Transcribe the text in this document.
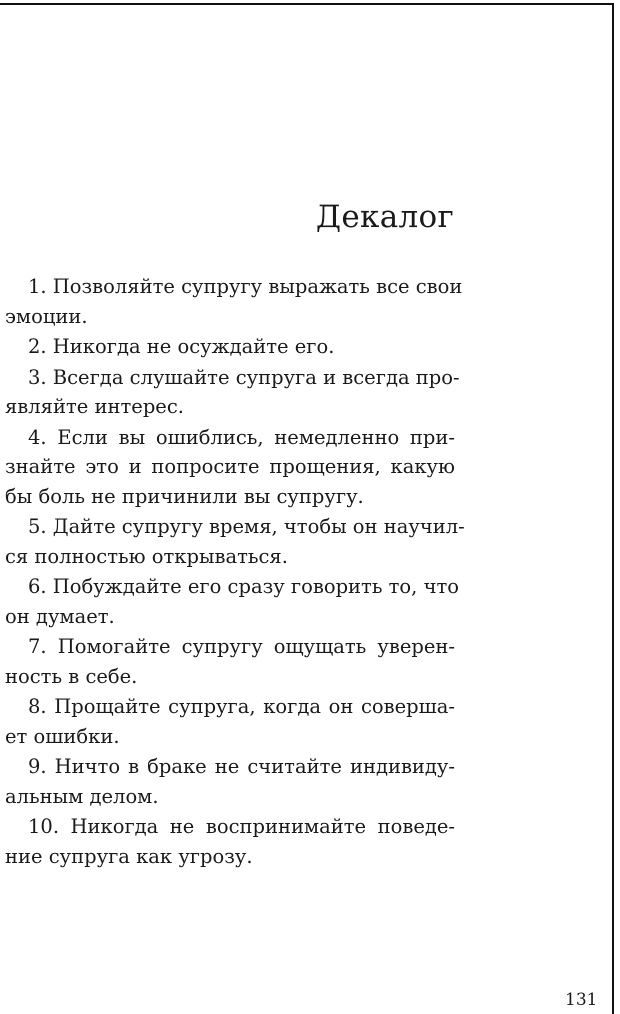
Декалог

1. Позволяйте супругу выражать все свои
эмоции.

2. Никогда не осуждайте его.

3. Всегда слушайте супруга и всегда про-
являйте интерес.

4. Если вы ошиблись, немедленно при-
знайте это и попросите прощения, какую
бы боль не причинили вы супругу.

5. Дайте супругу время, чтобы он научил-
ся полностью открываться.

6. Побуждайте его сразу говорить то, что
он думает.

7. Помогайте супругу ощущать уверен-
ность в себе.

8. Прощайте супруга, когда он соверша-
ет ошибки.

9. Ничто в браке не считайте индивиду-
альным делом.

10. Никогда не воспринимайте поведе-
ние супруга как угрозу.

131
